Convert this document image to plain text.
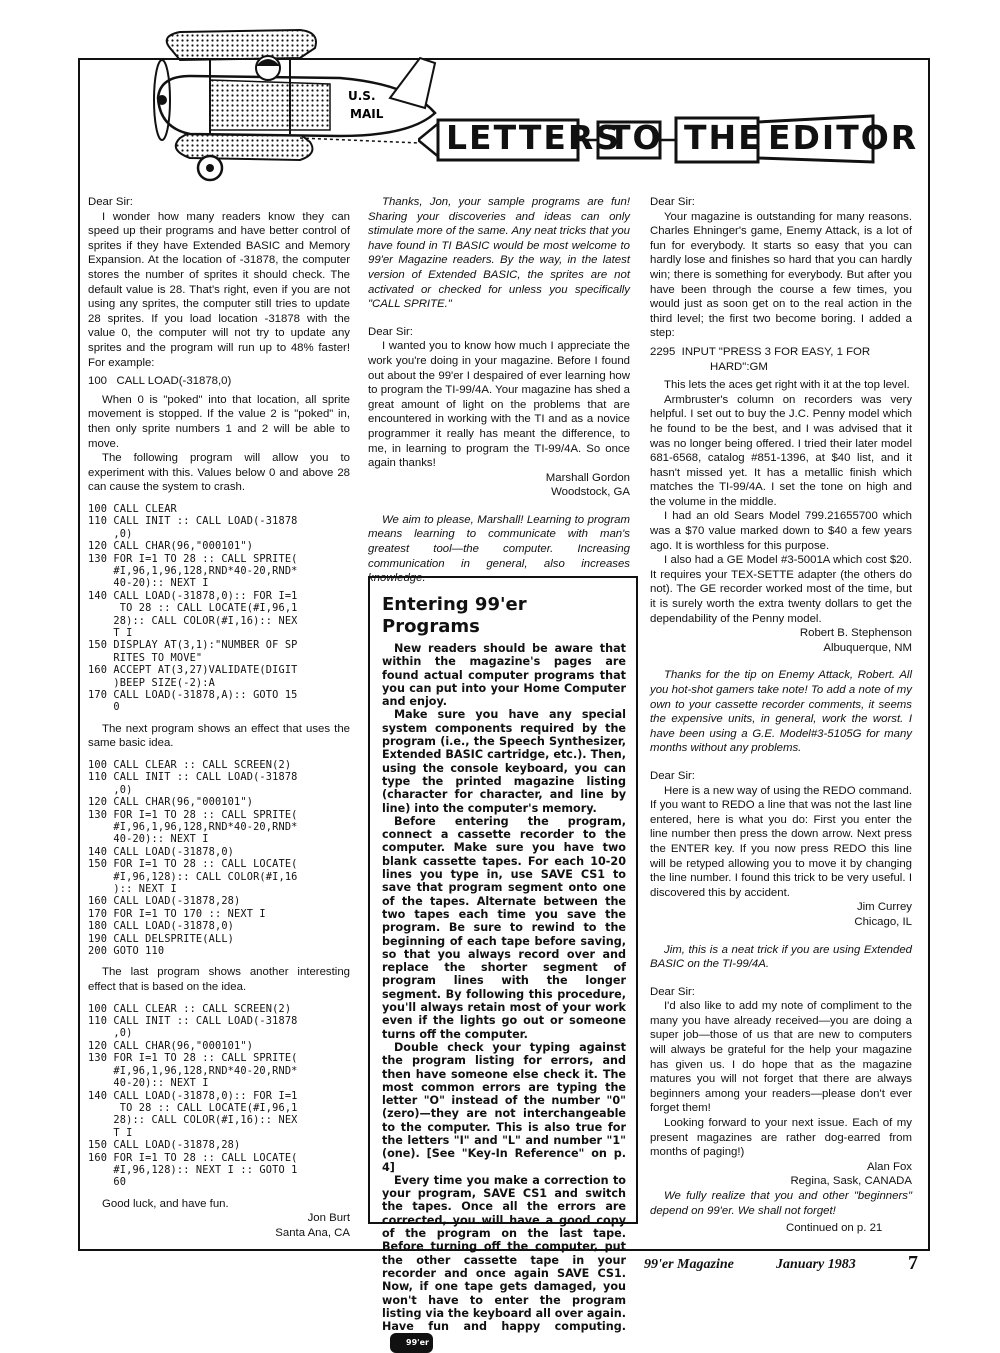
U.S.
MAIL
LETTERS
TO THE EDITOR

Dear Sir:

I wonder how many readers know they can speed up their programs and have better control of sprites if they have Extended BASIC and Memory Expansion. At the location of -31878, the computer stores the number of sprites it should check. The default value is 28. That's right, even if you are not using any sprites, the computer still tries to update 28 sprites. If you load location -31878 with the value 0, the computer will not try to update any sprites and the program will run up to 48% faster! For example:

100   CALL LOAD(-31878,0)

When 0 is "poked" into that location, all sprite movement is stopped. If the value 2 is "poked" in, then only sprite numbers 1 and 2 will be able to move.

The following program will allow you to experiment with this. Values below 0 and above 28 can cause the system to crash.

100 CALL CLEAR
110 CALL INIT :: CALL LOAD(-31878
,0)
120 CALL CHAR(96,"000101")
130 FOR I=1 TO 28 :: CALL SPRITE(
#I,96,1,96,128,RND*40-20,RND*
40-20):: NEXT I
140 CALL LOAD(-31878,0):: FOR I=1
TO 28 :: CALL LOCATE(#I,96,1
28):: CALL COLOR(#I,16):: NEX
T I
150 DISPLAY AT(3,1):"NUMBER OF SP
RITES TO MOVE"
160 ACCEPT AT(3,27)VALIDATE(DIGIT
)BEEP SIZE(-2):A
170 CALL LOAD(-31878,A):: GOTO 15
0

The next program shows an effect that uses the same basic idea.

100 CALL CLEAR :: CALL SCREEN(2)
110 CALL INIT :: CALL LOAD(-31878
,0)
120 CALL CHAR(96,"000101")
130 FOR I=1 TO 28 :: CALL SPRITE(
#I,96,1,96,128,RND*40-20,RND*
40-20):: NEXT I
140 CALL LOAD(-31878,0)
150 FOR I=1 TO 28 :: CALL LOCATE(
#I,96,128):: CALL COLOR(#I,16
):: NEXT I
160 CALL LOAD(-31878,28)
170 FOR I=1 TO 170 :: NEXT I
180 CALL LOAD(-31878,0)
190 CALL DELSPRITE(ALL)
200 GOTO 110

The last program shows another interesting effect that is based on the idea.

100 CALL CLEAR :: CALL SCREEN(2)
110 CALL INIT :: CALL LOAD(-31878
,0)
120 CALL CHAR(96,"000101")
130 FOR I=1 TO 28 :: CALL SPRITE(
#I,96,1,96,128,RND*40-20,RND*
40-20):: NEXT I
140 CALL LOAD(-31878,0):: FOR I=1
TO 28 :: CALL LOCATE(#I,96,1
28):: CALL COLOR(#I,16):: NEX
T I
150 CALL LOAD(-31878,28)
160 FOR I=1 TO 28 :: CALL LOCATE(
#I,96,128):: NEXT I :: GOTO 1
60

Good luck, and have fun.

Jon Burt

Santa Ana, CA

Thanks, Jon, your sample programs are fun! Sharing your discoveries and ideas can only stimulate more of the same. Any neat tricks that you have found in TI BASIC would be most welcome to 99'er Magazine readers. By the way, in the latest version of Extended BASIC, the sprites are not activated or checked for unless you specifically "CALL SPRITE."

Dear Sir:

I wanted you to know how much I appreciate the work you're doing in your magazine. Before I found out about the 99'er I despaired of ever learning how to program the TI-99/4A. Your magazine has shed a great amount of light on the problems that are encountered in working with the TI and as a novice programmer it really has meant the difference, to me, in learning to program the TI-99/4A. So once again thanks!

Marshall Gordon

Woodstock, GA

We aim to please, Marshall! Learning to program means learning to communicate with man's greatest tool—the computer. Increasing communication in general, also increases knowledge.

Entering 99'er Programs

New readers should be aware that within the magazine's pages are found actual computer programs that you can put into your Home Computer and enjoy.

Make sure you have any special system components required by the program (i.e., the Speech Synthesizer, Extended BASIC cartridge, etc.). Then, using the console keyboard, you can type the printed magazine listing (character for character, and line by line) into the computer's memory.

Before entering the program, connect a cassette recorder to the computer. Make sure you have two blank cassette tapes. For each 10-20 lines you type in, use SAVE CS1 to save that program segment onto one of the tapes. Alternate between the two tapes each time you save the program. Be sure to rewind to the beginning of each tape before saving, so that you always record over and replace the shorter segment of program lines with the longer segment. By following this procedure, you'll always retain most of your work even if the lights go out or someone turns off the computer.

Double check your typing against the program listing for errors, and then have someone else check it. The most common errors are typing the letter "O" instead of the number "0" (zero)—they are not interchangeable to the computer. This is also true for the letters "I" and "L" and number "1" (one). [See "Key-In Reference" on p. 4]

Every time you make a correction to your program, SAVE CS1 and switch the tapes. Once all the errors are corrected, you will have a good copy of the program on the last tape. Before turning off the computer, put the other cassette tape in your recorder and once again SAVE CS1. Now, if one tape gets damaged, you won't have to enter the program listing via the keyboard all over again. Have fun and happy computing.99'er

Dear Sir:

Your magazine is outstanding for many reasons. Charles Ehninger's game, Enemy Attack, is a lot of fun for everybody. It starts so easy that you can hardly lose and finishes so hard that you can hardly win; there is something for everybody. But after you have been through the course a few times, you would just as soon get on to the real action in the third level; the first two become boring. I added a step:

2295  INPUT "PRESS 3 FOR EASY, 1 FOR
HARD":GM

This lets the aces get right with it at the top level.

Armbruster's column on recorders was very helpful. I set out to buy the J.C. Penny model which he found to be the best, and I was advised that it was no longer being offered. I tried their later model 681-6568, catalog #851-1396, at $40 list, and it hasn't missed yet. It has a metallic finish which matches the TI-99/4A. I set the tone on high and the volume in the middle.

I had an old Sears Model 799.21655700 which was a $70 value marked down to $40 a few years ago. It is worthless for this purpose.

I also had a GE Model #3-5001A which cost $20. It requires your TEX-SETTE adapter (the others do not). The GE recorder worked most of the time, but it is surely worth the extra twenty dollars to get the dependability of the Penny model.

Robert B. Stephenson

Albuquerque, NM

Thanks for the tip on Enemy Attack, Robert. All you hot-shot gamers take note! To add a note of my own to your cassette recorder comments, it seems the expensive units, in general, work the worst. I have been using a G.E. Model#3-5105G for many months without any problems.

Dear Sir:

Here is a new way of using the REDO command. If you want to REDO a line that was not the last line entered, here is what you do: First you enter the line number then press the down arrow. Next press the ENTER key. If you now press REDO this line will be retyped allowing you to move it by changing the line number. I found this trick to be very useful. I discovered this by accident.

Jim Currey

Chicago, IL

Jim, this is a neat trick if you are using Extended BASIC on the TI-99/4A.

Dear Sir:

I'd also like to add my note of compliment to the many you have already received—you are doing a super job—those of us that are new to computers will always be grateful for the help your magazine has given us. I do hope that as the magazine matures you will not forget that there are always beginners among your readers—please don't ever forget them!

Looking forward to your next issue. Each of my present magazines are rather dog-earred from months of paging!)

Alan Fox

Regina, Sask, CANADA

We fully realize that you and other "beginners" depend on 99'er. We shall not forget!

Continued on p. 21
99'er Magazine	January 1983	7
